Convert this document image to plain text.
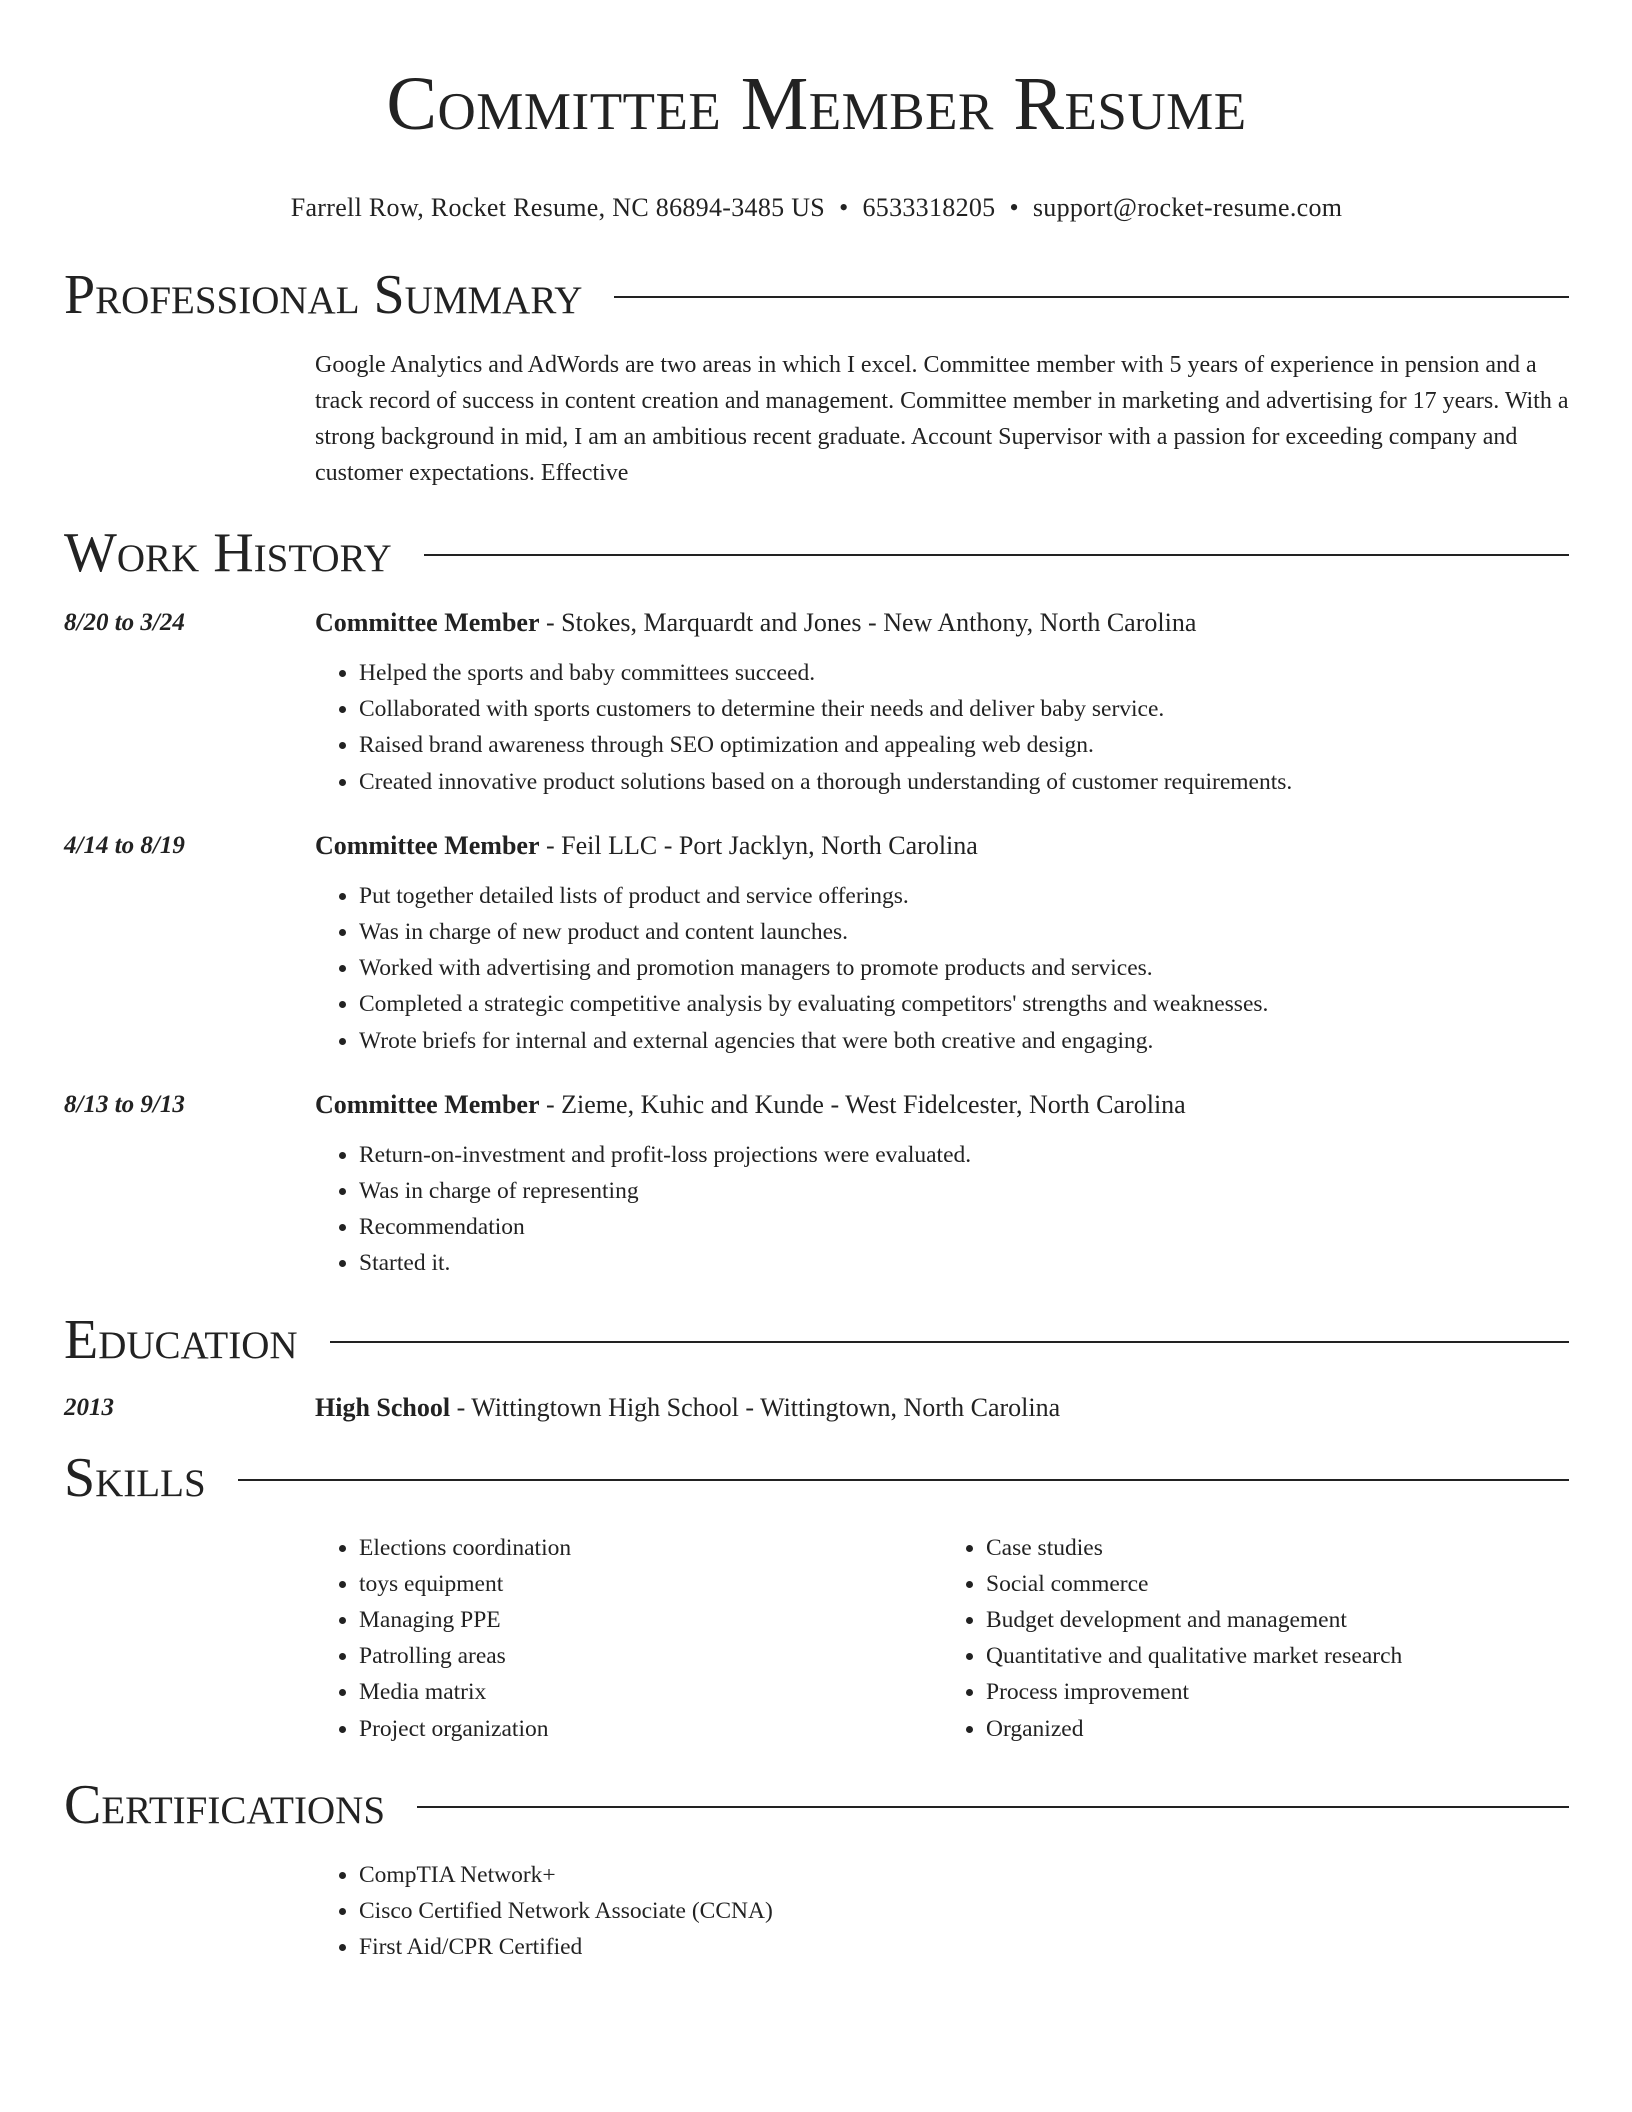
Committee Member Resume
Farrell Row, Rocket Resume, NC 86894-3485 US • 6533318205 • support@rocket-resume.com
Professional Summary
Google Analytics and AdWords are two areas in which I excel. Committee member with 5 years of experience in pension and a track record of success in content creation and management. Committee member in marketing and advertising for 17 years. With a strong background in mid, I am an ambitious recent graduate. Account Supervisor with a passion for exceeding company and customer expectations. Effective
Work History
8/20 to 3/24	Committee Member - Stokes, Marquardt and Jones - New Anthony, North Carolina
• Helped the sports and baby committees succeed.
• Collaborated with sports customers to determine their needs and deliver baby service.
• Raised brand awareness through SEO optimization and appealing web design.
• Created innovative product solutions based on a thorough understanding of customer requirements.
4/14 to 8/19	Committee Member - Feil LLC - Port Jacklyn, North Carolina
• Put together detailed lists of product and service offerings.
• Was in charge of new product and content launches.
• Worked with advertising and promotion managers to promote products and services.
• Completed a strategic competitive analysis by evaluating competitors' strengths and weaknesses.
• Wrote briefs for internal and external agencies that were both creative and engaging.
8/13 to 9/13	Committee Member - Zieme, Kuhic and Kunde - West Fidelcester, North Carolina
• Return-on-investment and profit-loss projections were evaluated.
• Was in charge of representing
• Recommendation
• Started it.
Education
2013	High School - Wittingtown High School - Wittingtown, North Carolina
Skills
• Elections coordination
• toys equipment
• Managing PPE
• Patrolling areas
• Media matrix
• Project organization
• Case studies
• Social commerce
• Budget development and management
• Quantitative and qualitative market research
• Process improvement
• Organized
Certifications
• CompTIA Network+
• Cisco Certified Network Associate (CCNA)
• First Aid/CPR Certified
